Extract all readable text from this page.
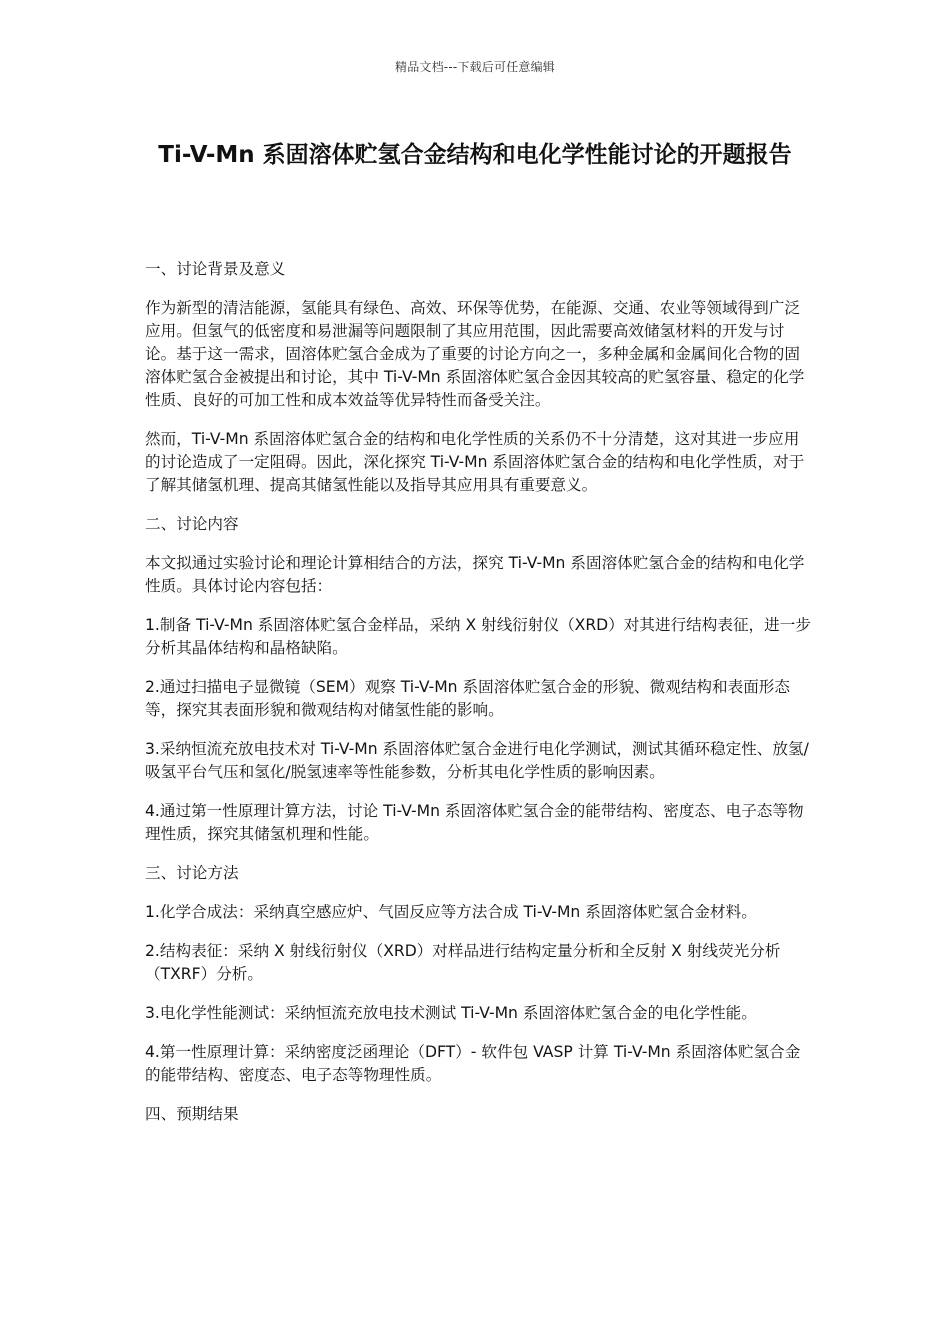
精品文档---下载后可任意编辑
Ti-V-Mn 系固溶体贮氢合金结构和电化学性能讨论的开题报告

一、讨论背景及意义

作为新型的清洁能源，氢能具有绿色、高效、环保等优势，在能源、交通、农业等领域得到广泛应用。但氢气的低密度和易泄漏等问题限制了其应用范围，因此需要高效储氢材料的开发与讨论。基于这一需求，固溶体贮氢合金成为了重要的讨论方向之一，多种金属和金属间化合物的固溶体贮氢合金被提出和讨论，其中 Ti-V-Mn 系固溶体贮氢合金因其较高的贮氢容量、稳定的化学性质、良好的可加工性和成本效益等优异特性而备受关注。

然而，Ti-V-Mn 系固溶体贮氢合金的结构和电化学性质的关系仍不十分清楚，这对其进一步应用的讨论造成了一定阻碍。因此，深化探究 Ti-V-Mn 系固溶体贮氢合金的结构和电化学性质，对于了解其储氢机理、提高其储氢性能以及指导其应用具有重要意义。

二、讨论内容

本文拟通过实验讨论和理论计算相结合的方法，探究 Ti-V-Mn 系固溶体贮氢合金的结构和电化学性质。具体讨论内容包括：

1.制备 Ti-V-Mn 系固溶体贮氢合金样品，采纳 X 射线衍射仪（XRD）对其进行结构表征，进一步分析其晶体结构和晶格缺陷。

2.通过扫描电子显微镜（SEM）观察 Ti-V-Mn 系固溶体贮氢合金的形貌、微观结构和表面形态等，探究其表面形貌和微观结构对储氢性能的影响。

3.采纳恒流充放电技术对 Ti-V-Mn 系固溶体贮氢合金进行电化学测试，测试其循环稳定性、放氢/吸氢平台气压和氢化/脱氢速率等性能参数，分析其电化学性质的影响因素。

4.通过第一性原理计算方法，讨论 Ti-V-Mn 系固溶体贮氢合金的能带结构、密度态、电子态等物理性质，探究其储氢机理和性能。

三、讨论方法

1.化学合成法：采纳真空感应炉、气固反应等方法合成 Ti-V-Mn 系固溶体贮氢合金材料。

2.结构表征：采纳 X 射线衍射仪（XRD）对样品进行结构定量分析和全反射 X 射线荧光分析（TXRF）分析。

3.电化学性能测试：采纳恒流充放电技术测试 Ti-V-Mn 系固溶体贮氢合金的电化学性能。

4.第一性原理计算：采纳密度泛函理论（DFT）- 软件包 VASP 计算 Ti-V-Mn 系固溶体贮氢合金的能带结构、密度态、电子态等物理性质。

四、预期结果
